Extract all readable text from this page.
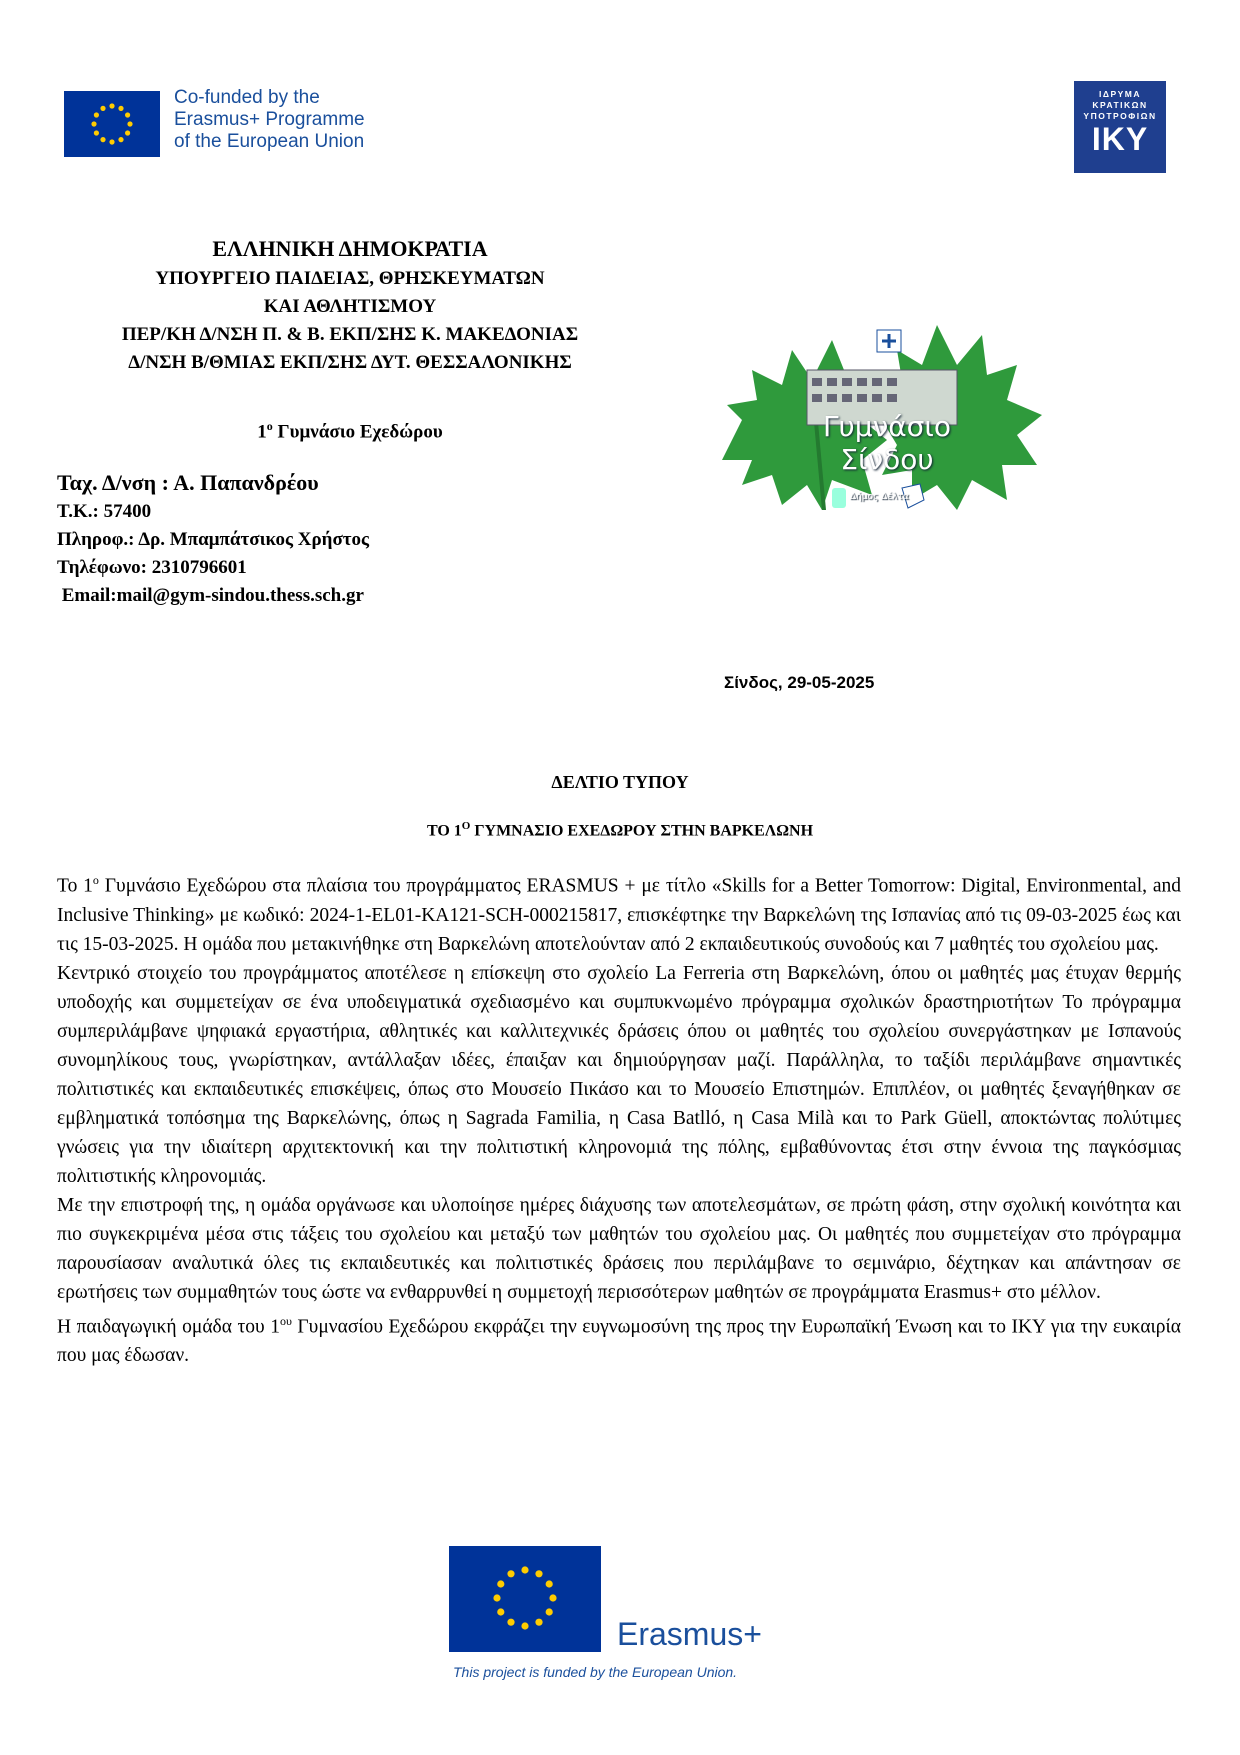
Co-funded by the
Erasmus+ Programme
of the European Union
ΙΔΡΥΜΑ
ΚΡΑΤΙΚΩΝ
ΥΠΟΤΡΟΦΙΩΝ
ΙΚΥ
ΕΛΛΗΝΙΚΗ ΔΗΜΟΚΡΑΤΙΑ
ΥΠΟΥΡΓΕΙΟ ΠΑΙΔΕΙΑΣ, ΘΡΗΣΚΕΥΜΑΤΩΝ
ΚΑΙ ΑΘΛΗΤΙΣΜΟΥ
ΠΕΡ/ΚΗ Δ/ΝΣΗ Π. & Β. ΕΚΠ/ΣΗΣ Κ. ΜΑΚΕΔΟΝΙΑΣ
Δ/ΝΣΗ Β/ΘΜΙΑΣ ΕΚΠ/ΣΗΣ ΔΥΤ. ΘΕΣΣΑΛΟΝΙΚΗΣ
$1^o$ Γυμνάσιο Εχεδώρου	Γυμνάσιο Σίνδου
Δήμος Δέλτα
Ταχ. Δ/νση : Α. Παπανδρέου
Τ.Κ.: 57400
Πληροφ.: Δρ. Μπαμπάτσικος Χρήστος
Τηλέφωνο: 2310796601
Email:mail@gym-sindou.thess.sch.gr
Σίνδος, 29-05-2025
ΔΕΛΤΙΟ ΤΥΠΟΥ
ΤΟ $1^O$ ΓΥΜΝΑΣΙΟ ΕΧΕΔΩΡΟΥ ΣΤΗΝ ΒΑΡΚΕΛΩΝΗ

Το $1^o$ Γυμνάσιο Εχεδώρου στα πλαίσια του προγράμματος ERASMUS + με τίτλο «Skills for a Better Tomorrow: Digital, Environmental, and Inclusive Thinking» με κωδικό: 2024-1-EL01-KA121-SCH-000215817, επισκέφτηκε την Βαρκελώνη της Ισπανίας από τις 09-03-2025 έως και τις 15-03-2025. Η ομάδα που μετακινήθηκε στη Βαρκελώνη αποτελούνταν από 2 εκπαιδευτικούς συνοδούς και 7 μαθητές του σχολείου μας.

Κεντρικό στοιχείο του προγράμματος αποτέλεσε η επίσκεψη στο σχολείο La Ferreria στη Βαρκελώνη, όπου οι μαθητές μας έτυχαν θερμής υποδοχής και συμμετείχαν σε ένα υποδειγματικά σχεδιασμένο και συμπυκνωμένο πρόγραμμα σχολικών δραστηριοτήτων Το πρόγραμμα συμπεριλάμβανε ψηφιακά εργαστήρια, αθλητικές και καλλιτεχνικές δράσεις όπου οι μαθητές του σχολείου συνεργάστηκαν με Ισπανούς συνομηλίκους τους, γνωρίστηκαν, αντάλλαξαν ιδέες, έπαιξαν και δημιούργησαν μαζί. Παράλληλα, το ταξίδι περιλάμβανε σημαντικές πολιτιστικές και εκπαιδευτικές επισκέψεις, όπως στο Μουσείο Πικάσο και το Μουσείο Επιστημών. Επιπλέον, οι μαθητές ξεναγήθηκαν σε εμβληματικά τοπόσημα της Βαρκελώνης, όπως η Sagrada Familia, η Casa Batlló, η Casa Milà και το Park Güell, αποκτώντας πολύτιμες γνώσεις για την ιδιαίτερη αρχιτεκτονική και την πολιτιστική κληρονομιά της πόλης, εμβαθύνοντας έτσι στην έννοια της παγκόσμιας πολιτιστικής κληρονομιάς.

Με την επιστροφή της, η ομάδα οργάνωσε και υλοποίησε ημέρες διάχυσης των αποτελεσμάτων, σε πρώτη φάση, στην σχολική κοινότητα και πιο συγκεκριμένα μέσα στις τάξεις του σχολείου και μεταξύ των μαθητών του σχολείου μας. Οι μαθητές που συμμετείχαν στο πρόγραμμα παρουσίασαν αναλυτικά όλες τις εκπαιδευτικές και πολιτιστικές δράσεις που περιλάμβανε το σεμινάριο, δέχτηκαν και απάντησαν σε ερωτήσεις των συμμαθητών τους ώστε να ενθαρρυνθεί η συμμετοχή περισσότερων μαθητών σε προγράμματα Erasmus+ στο μέλλον.

Η παιδαγωγική ομάδα του $1^{o\upsilon}$ Γυμνασίου Εχεδώρου εκφράζει την ευγνωμοσύνη της προς την Ευρωπαϊκή Ένωση και το ΙΚΥ για την ευκαιρία που μας έδωσαν.

Erasmus+
This project is funded by the European Union.
